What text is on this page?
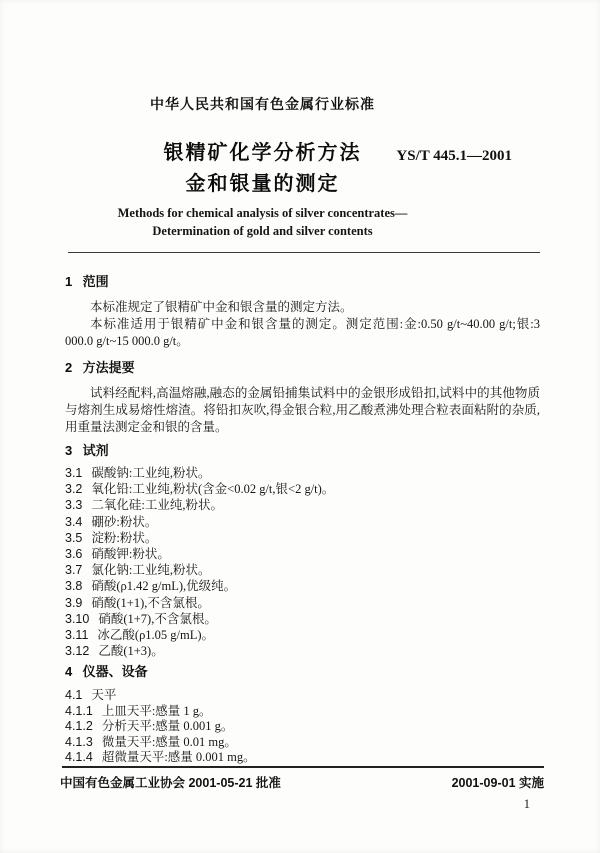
中华人民共和国有色金属行业标准
银精矿化学分析方法
金和银量的测定
Methods for chemical analysis of silver concentrates—
Determination of gold and silver contents
1 范围

本标准规定了银精矿中金和银含量的测定方法。

本标准适用于银精矿中金和银含量的测定。测定范围:金:0.50 g/t~40.00 g/t;银:3 000.0 g/t~15 000.0 g/t。

2 方法提要

试料经配料,高温熔融,融态的金属铅捕集试料中的金银形成铅扣,试料中的其他物质与熔剂生成易熔性熔渣。将铅扣灰吹,得金银合粒,用乙酸煮沸处理合粒表面粘附的杂质,用重量法测定金和银的含量。

3 试剂
3.1 碳酸钠:工业纯,粉状。
3.2 氧化铅:工业纯,粉状(含金<0.02 g/t,银<2 g/t)。
3.3 二氧化硅:工业纯,粉状。
3.4 硼砂:粉状。
3.5 淀粉:粉状。
3.6 硝酸钾:粉状。
3.7 氯化钠:工业纯,粉状。
3.8 硝酸(ρ1.42 g/mL),优级纯。
3.9 硝酸(1+1),不含氯根。
3.10 硝酸(1+7),不含氯根。
3.11 冰乙酸(ρ1.05 g/mL)。
3.12 乙酸(1+3)。
4 仪器、设备
4.1 天平
4.1.1 上皿天平:感量 1 g。
4.1.2 分析天平:感量 0.001 g。
4.1.3 微量天平:感量 0.01 mg。
4.1.4 超微量天平:感量 0.001 mg。
YS/T 445.1—2001
中国有色金属工业协会 2001-05-21 批准	2001-09-01 实施
1
